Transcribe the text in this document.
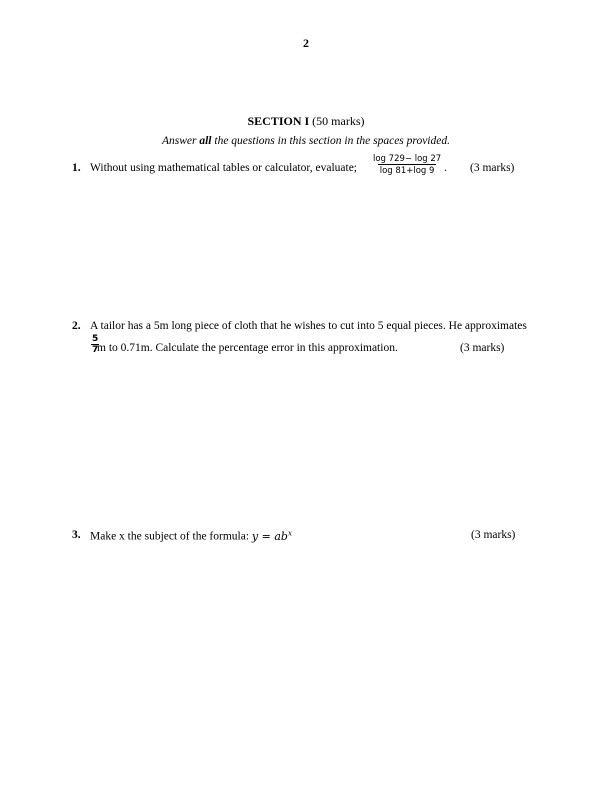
2
SECTION I (50 marks)
Answer all the questions in this section in the spaces provided.
1. Without using mathematical tables or calculator, evaluate; $\frac{\log 729- \log 27}{\log 81+\log 9}$ . (3 marks)
2. A tailor has a 5m long piece of cloth that he wishes to cut into 5 equal pieces. He approximates
$\frac{5}{7}$
m to 0.71m. Calculate the percentage error in this approximation.	(3 marks)
3. Make x the subject of the formula: $y = ab^x$	(3 marks)
